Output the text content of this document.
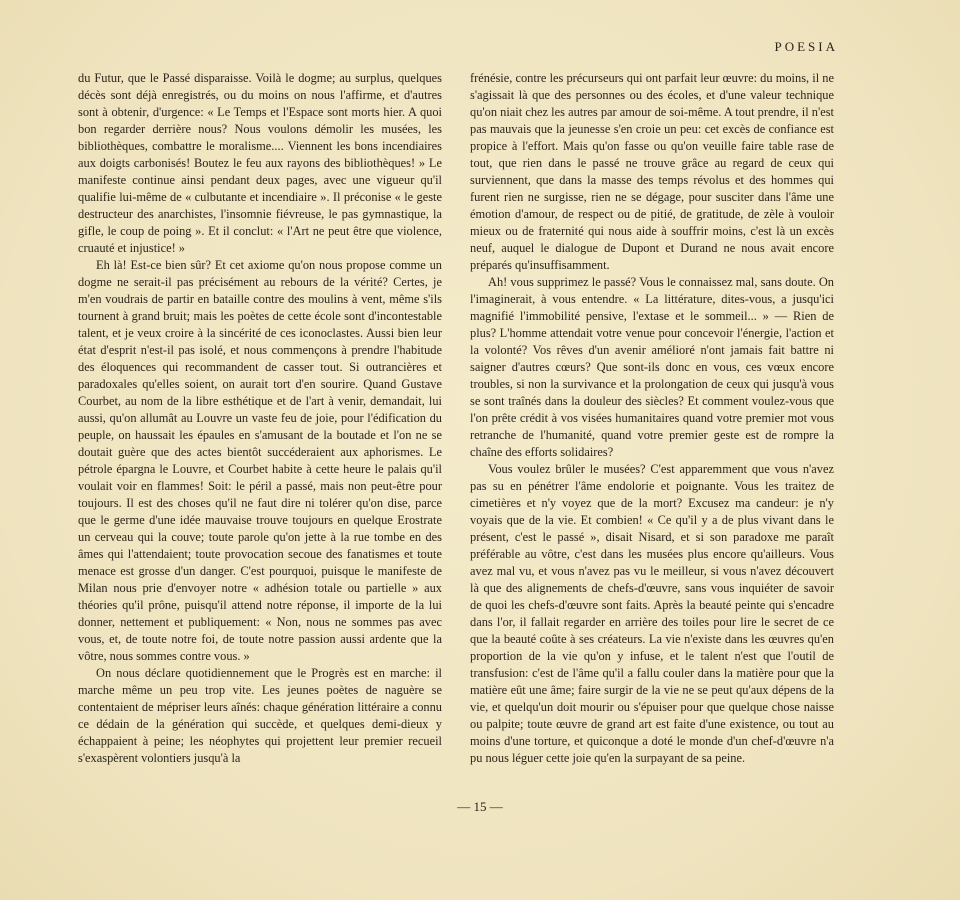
POESIA

du Futur, que le Passé disparaisse. Voilà le dogme; au surplus, quelques décès sont déjà enregistrés, ou du moins on nous l'affirme, et d'autres sont à obtenir, d'urgence: « Le Temps et l'Espace sont morts hier. A quoi bon regarder derrière nous? Nous voulons démolir les musées, les bibliothèques, combattre le moralisme.... Viennent les bons incendiaires aux doigts carbonisés! Boutez le feu aux rayons des bibliothèques! » Le manifeste continue ainsi pendant deux pages, avec une vigueur qu'il qualifie lui-même de « culbutante et incendiaire ». Il préconise « le geste destructeur des anarchistes, l'insomnie fiévreuse, le pas gymnastique, la gifle, le coup de poing ». Et il conclut: « l'Art ne peut être que violence, cruauté et injustice! »

Eh là! Est-ce bien sûr? Et cet axiome qu'on nous propose comme un dogme ne serait-il pas précisément au rebours de la vérité? Certes, je m'en voudrais de partir en bataille contre des moulins à vent, même s'ils tournent à grand bruit; mais les poètes de cette école sont d'incontestable talent, et je veux croire à la sincérité de ces iconoclastes. Aussi bien leur état d'esprit n'est-il pas isolé, et nous commençons à prendre l'habitude des éloquences qui recommandent de casser tout. Si outrancières et paradoxales qu'elles soient, on aurait tort d'en sourire. Quand Gustave Courbet, au nom de la libre esthétique et de l'art à venir, demandait, lui aussi, qu'on allumât au Louvre un vaste feu de joie, pour l'édification du peuple, on haussait les épaules en s'amusant de la boutade et l'on ne se doutait guère que des actes bientôt succéderaient aux aphorismes. Le pétrole épargna le Louvre, et Courbet habite à cette heure le palais qu'il voulait voir en flammes! Soit: le péril a passé, mais non peut-être pour toujours. Il est des choses qu'il ne faut dire ni tolérer qu'on dise, parce que le germe d'une idée mauvaise trouve toujours en quelque Erostrate un cerveau qui la couve; toute parole qu'on jette à la rue tombe en des âmes qui l'attendaient; toute provocation secoue des fanatismes et toute menace est grosse d'un danger. C'est pourquoi, puisque le manifeste de Milan nous prie d'envoyer notre « adhésion totale ou partielle » aux théories qu'il prône, puisqu'il attend notre réponse, il importe de la lui donner, nettement et publiquement: « Non, nous ne sommes pas avec vous, et, de toute notre foi, de toute notre passion aussi ardente que la vôtre, nous sommes contre vous. »

On nous déclare quotidiennement que le Progrès est en marche: il marche même un peu trop vite. Les jeunes poètes de naguère se contentaient de mépriser leurs aînés: chaque génération littéraire a connu ce dédain de la génération qui succède, et quelques demi-dieux y échappaient à peine; les néophytes qui projettent leur premier recueil s'exaspèrent volontiers jusqu'à la

frénésie, contre les précurseurs qui ont parfait leur œuvre: du moins, il ne s'agissait là que des personnes ou des écoles, et d'une valeur technique qu'on niait chez les autres par amour de soi-même. A tout prendre, il n'est pas mauvais que la jeunesse s'en croie un peu: cet excès de confiance est propice à l'effort. Mais qu'on fasse ou qu'on veuille faire table rase de tout, que rien dans le passé ne trouve grâce au regard de ceux qui surviennent, que dans la masse des temps révolus et des hommes qui furent rien ne surgisse, rien ne se dégage, pour susciter dans l'âme une émotion d'amour, de respect ou de pitié, de gratitude, de zèle à vouloir mieux ou de fraternité qui nous aide à souffrir moins, c'est là un excès neuf, auquel le dialogue de Dupont et Durand ne nous avait encore préparés qu'insuffisamment.

Ah! vous supprimez le passé? Vous le connaissez mal, sans doute. On l'imaginerait, à vous entendre. « La littérature, dites-vous, a jusqu'ici magnifié l'immobilité pensive, l'extase et le sommeil... » — Rien de plus? L'homme attendait votre venue pour concevoir l'énergie, l'action et la volonté? Vos rêves d'un avenir amélioré n'ont jamais fait battre ni saigner d'autres cœurs? Que sont-ils donc en vous, ces vœux encore troubles, si non la survivance et la prolongation de ceux qui jusqu'à vous se sont traînés dans la douleur des siècles? Et comment voulez-vous que l'on prête crédit à vos visées humanitaires quand votre premier mot vous retranche de l'humanité, quand votre premier geste est de rompre la chaîne des efforts solidaires?

Vous voulez brûler le musées? C'est apparemment que vous n'avez pas su en pénétrer l'âme endolorie et poignante. Vous les traitez de cimetières et n'y voyez que de la mort? Excusez ma candeur: je n'y voyais que de la vie. Et combien! « Ce qu'il y a de plus vivant dans le présent, c'est le passé », disait Nisard, et si son paradoxe me paraît préférable au vôtre, c'est dans les musées plus encore qu'ailleurs. Vous avez mal vu, et vous n'avez pas vu le meilleur, si vous n'avez découvert là que des alignements de chefs-d'œuvre, sans vous inquiéter de savoir de quoi les chefs-d'œuvre sont faits. Après la beauté peinte qui s'encadre dans l'or, il fallait regarder en arrière des toiles pour lire le secret de ce que la beauté coûte à ses créateurs. La vie n'existe dans les œuvres qu'en proportion de la vie qu'on y infuse, et le talent n'est que l'outil de transfusion: c'est de l'âme qu'il a fallu couler dans la matière pour que la matière eût une âme; faire surgir de la vie ne se peut qu'aux dépens de la vie, et quelqu'un doit mourir ou s'épuiser pour que quelque chose naisse ou palpite; toute œuvre de grand art est faite d'une existence, ou tout au moins d'une torture, et quiconque a doté le monde d'un chef-d'œuvre n'a pu nous léguer cette joie qu'en la surpayant de sa peine.

— 15 —
